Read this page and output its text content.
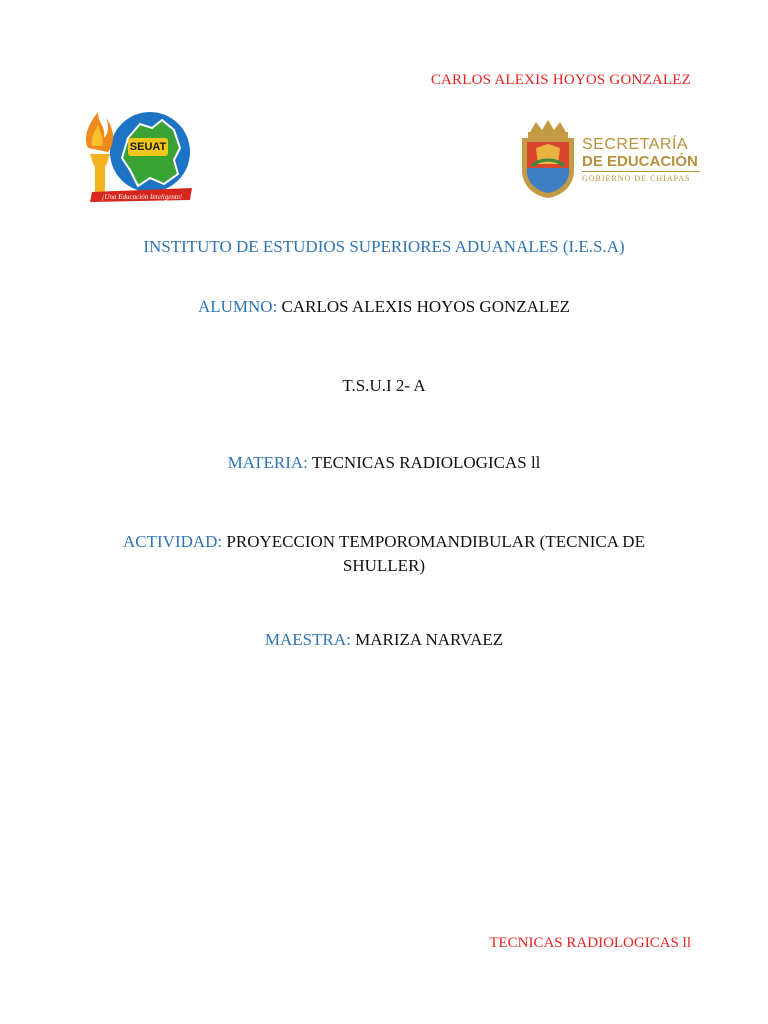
CARLOS ALEXIS HOYOS GONZALEZ
¡Una Educación Inteligente!
SEUAT	SECRETARÍA
DE EDUCACIÓN
GOBIERNO DE CHIAPAS
INSTITUTO DE ESTUDIOS SUPERIORES ADUANALES (I.E.S.A)
ALUMNO: CARLOS ALEXIS HOYOS GONZALEZ
T.S.U.I 2- A
MATERIA: TECNICAS RADIOLOGICAS ll
ACTIVIDAD: PROYECCION TEMPOROMANDIBULAR (TECNICA DE
SHULLER)
MAESTRA: MARIZA NARVAEZ
TECNICAS RADIOLOGICAS ll
